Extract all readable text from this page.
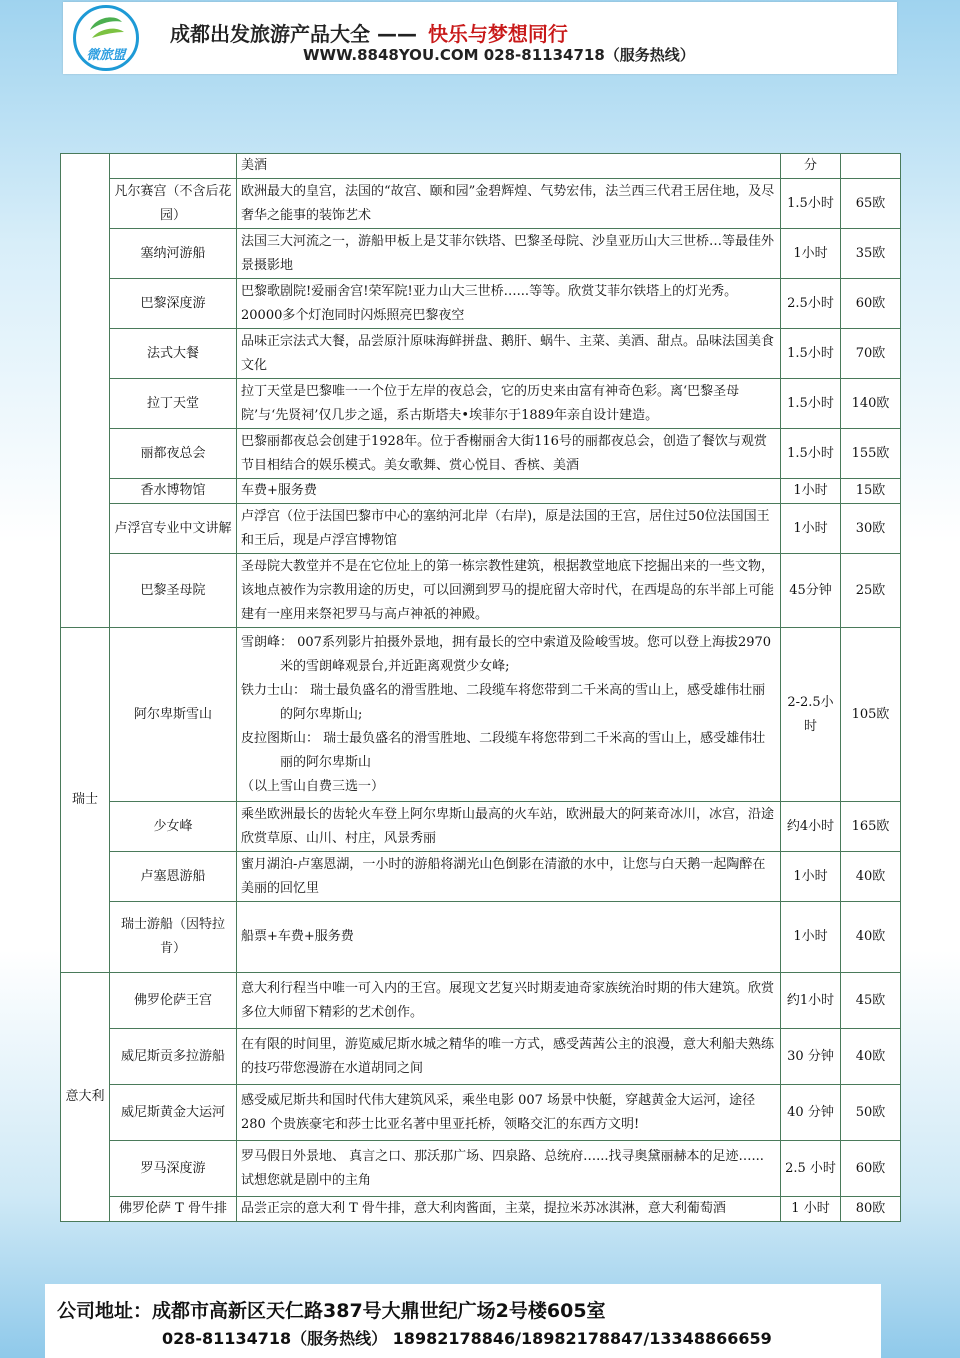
微旅盟
成都出发旅游产品大全 —— 快乐与梦想同行
WWW.8848YOU.COM 028-81134718（服务热线）
		美酒	分	
	凡尔赛宫（不含后花园）	欧洲最大的皇宫，法国的“故宫、颐和园”金碧辉煌、气势宏伟，法兰西三代君王居住地，及尽奢华之能事的装饰艺术	1.5小时	65欧
	塞纳河游船	法国三大河流之一，游船甲板上是艾菲尔铁塔、巴黎圣母院、沙皇亚历山大三世桥…等最佳外景摄影地	1小时	35欧
	巴黎深度游	巴黎歌剧院!爱丽舍宫!荣军院!亚力山大三世桥…...等等。欣赏艾菲尔铁塔上的灯光秀。20000多个灯泡同时闪烁照亮巴黎夜空	2.5小时	60欧
	法式大餐	品味正宗法式大餐，品尝原汁原味海鲜拼盘、鹅肝、蜗牛、主菜、美酒、甜点。品味法国美食文化	1.5小时	70欧
	拉丁天堂	拉丁天堂是巴黎唯一一个位于左岸的夜总会，它的历史来由富有神奇色彩。离‘巴黎圣母院’与‘先贤祠’仅几步之遥，系古斯塔夫•埃菲尔于1889年亲自设计建造。	1.5小时	140欧
	丽都夜总会	巴黎丽都夜总会创建于1928年。位于香榭丽舍大街116号的丽都夜总会，创造了餐饮与观赏节目相结合的娱乐模式。美女歌舞、赏心悦目、香槟、美酒	1.5小时	155欧
	香水博物馆	车费+服务费	1小时	15欧
	卢浮宫专业中文讲解	卢浮宫（位于法国巴黎市中心的塞纳河北岸（右岸)，原是法国的王宫，居住过50位法国国王和王后，现是卢浮宫博物馆	1小时	30欧
	巴黎圣母院	圣母院大教堂并不是在它位址上的第一栋宗教性建筑，根据教堂地底下挖掘出来的一些文物，该地点被作为宗教用途的历史，可以回溯到罗马的提庇留大帝时代，在西堤岛的东半部上可能建有一座用来祭祀罗马与高卢神祇的神殿。	45分钟	25欧
瑞士	阿尔卑斯雪山	雪朗峰： 007系列影片拍摄外景地，拥有最长的空中索道及险峻雪坡。您可以登上海拔2970米的雪朗峰观景台,并近距离观赏少女峰;
铁力士山： 瑞士最负盛名的滑雪胜地、二段缆车将您带到二千米高的雪山上，感受雄伟壮丽的阿尔卑斯山;
皮拉图斯山： 瑞士最负盛名的滑雪胜地、二段缆车将您带到二千米高的雪山上，感受雄伟壮丽的阿尔卑斯山
（以上雪山自费三选一）	2-2.5小时	105欧
	少女峰	乘坐欧洲最长的齿轮火车登上阿尔卑斯山最高的火车站，欧洲最大的阿莱奇冰川，冰宫，沿途欣赏草原、山川、村庄，风景秀丽	约4小时	165欧
	卢塞恩游船	蜜月湖泊-卢塞恩湖，一小时的游船将湖光山色倒影在清澈的水中，让您与白天鹅一起陶醉在美丽的回忆里	1小时	40欧
	瑞士游船（因特拉肯）	船票+车费+服务费	1小时	40欧
意大利	佛罗伦萨王宫	意大利行程当中唯一可入内的王宫。展现文艺复兴时期麦迪奇家族统治时期的伟大建筑。欣赏多位大师留下精彩的艺术创作。	约1小时	45欧
	威尼斯贡多拉游船	在有限的时间里，游览威尼斯水城之精华的唯一方式，感受茜茜公主的浪漫，意大利船夫熟练的技巧带您漫游在水道胡同之间	30 分钟	40欧
	威尼斯黄金大运河	感受威尼斯共和国时代伟大建筑风采，乘坐电影 007 场景中快艇，穿越黄金大运河，途径 280 个贵族豪宅和莎士比亚名著中里亚托桥，领略交汇的东西方文明!	40 分钟	50欧
	罗马深度游	罗马假日外景地、 真言之口、那沃那广场、四泉路、总统府…...找寻奥黛丽赫本的足迹…...试想您就是剧中的主角	2.5 小时	60欧
	佛罗伦萨 T 骨牛排	品尝正宗的意大利 T 骨牛排，意大利肉酱面，主菜，提拉米苏冰淇淋，意大利葡萄酒	1 小时	80欧
公司地址：成都市高新区天仁路387号大鼎世纪广场2号楼605室
028-81134718（服务热线） 18982178846/18982178847/13348866659
